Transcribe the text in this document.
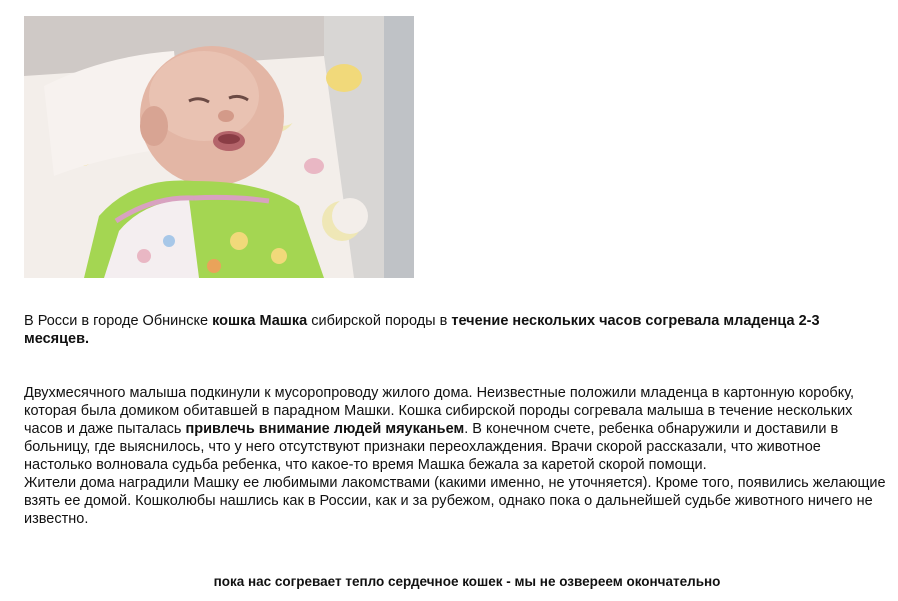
В Росси в городе Обнинске кошка Машка сибирской породы в течение нескольких часов согревала младенца 2-3 месяцев.

Двухмесячного малыша подкинули к мусоропроводу жилого дома. Неизвестные положили младенца в картонную коробку, которая была домиком обитавшей в парадном Машки. Кошка сибирской породы согревала малыша в течение нескольких часов и даже пыталась привлечь внимание людей мяуканьем. В конечном счете, ребенка обнаружили и доставили в больницу, где выяснилось, что у него отсутствуют признаки переохлаждения. Врачи скорой рассказали, что животное настолько волновала судьба ребенка, что какое-то время Машка бежала за каретой скорой помощи.

Жители дома наградили Машку ее любимыми лакомствами (какими именно, не уточняется). Кроме того, появились желающие взять ее домой. Кошколюбы нашлись как в России, как и за рубежом, однако пока о дальнейшей судьбе животного ничего не известно.

пока нас согревает тепло сердечное кошек - мы не озвереем окончательно
